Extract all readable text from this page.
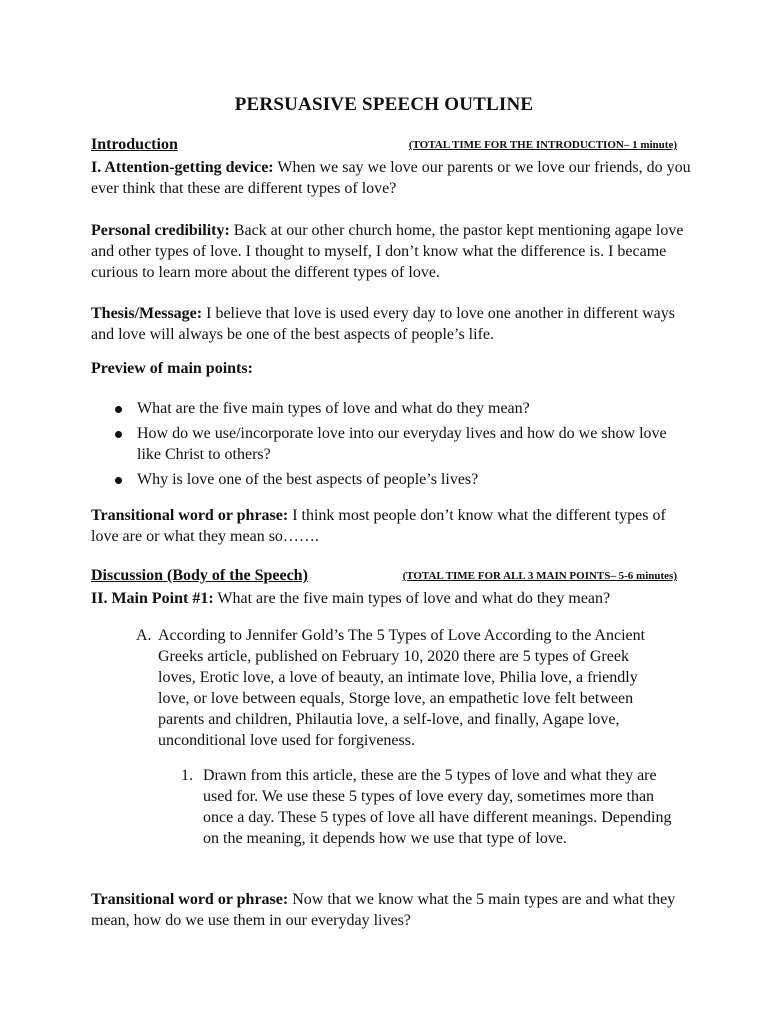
PERSUASIVE SPEECH OUTLINE
Introduction	(TOTAL TIME FOR THE INTRODUCTION– 1 minute)
I. Attention-getting device: When we say we love our parents or we love our friends, do you ever think that these are different types of love?
Personal credibility: Back at our other church home, the pastor kept mentioning agape love and other types of love. I thought to myself, I don’t know what the difference is. I became curious to learn more about the different types of love.
Thesis/Message: I believe that love is used every day to love one another in different ways and love will always be one of the best aspects of people’s life.
Preview of main points:
What are the five main types of love and what do they mean?
How do we use/incorporate love into our everyday lives and how do we show love like Christ to others?
Why is love one of the best aspects of people’s lives?
Transitional word or phrase: I think most people don’t know what the different types of love are or what they mean so…….
Discussion (Body of the Speech)	(TOTAL TIME FOR ALL 3 MAIN POINTS– 5-6 minutes)
II. Main Point #1: What are the five main types of love and what do they mean?
A. According to Jennifer Gold’s The 5 Types of Love According to the Ancient Greeks article, published on February 10, 2020 there are 5 types of Greek loves, Erotic love, a love of beauty, an intimate love, Philia love, a friendly love, or love between equals, Storge love, an empathetic love felt between parents and children, Philautia love, a self-love, and finally, Agape love, unconditional love used for forgiveness.
1. Drawn from this article, these are the 5 types of love and what they are used for. We use these 5 types of love every day, sometimes more than once a day. These 5 types of love all have different meanings. Depending on the meaning, it depends how we use that type of love.
Transitional word or phrase: Now that we know what the 5 main types are and what they mean, how do we use them in our everyday lives?
